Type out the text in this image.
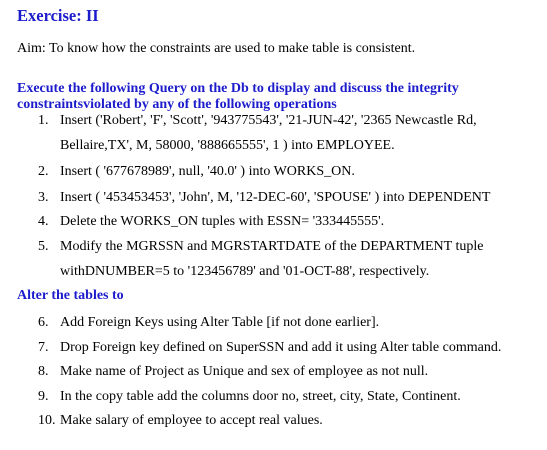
Exercise: II
Aim: To know how the constraints are used to make table is consistent.
Execute the following Query on the Db to display and discuss the integrity
constraintsviolated by any of the following operations
1. Insert ('Robert', 'F', 'Scott', '943775543', '21-JUN-42', '2365 Newcastle Rd,
Bellaire,TX', M, 58000, '888665555', 1 ) into EMPLOYEE.
2. Insert ( '677678989', null, '40.0' ) into WORKS_ON.
3. Insert ( '453453453', 'John', M, '12-DEC-60', 'SPOUSE' ) into DEPENDENT
4. Delete the WORKS_ON tuples with ESSN= '333445555'.
5. Modify the MGRSSN and MGRSTARTDATE of the DEPARTMENT tuple
withDNUMBER=5 to '123456789' and '01-OCT-88', respectively.
Alter the tables to
6. Add Foreign Keys using Alter Table [if not done earlier].
7. Drop Foreign key defined on SuperSSN and add it using Alter table command.
8. Make name of Project as Unique and sex of employee as not null.
9. In the copy table add the columns door no, street, city, State, Continent.
10. Make salary of employee to accept real values.
